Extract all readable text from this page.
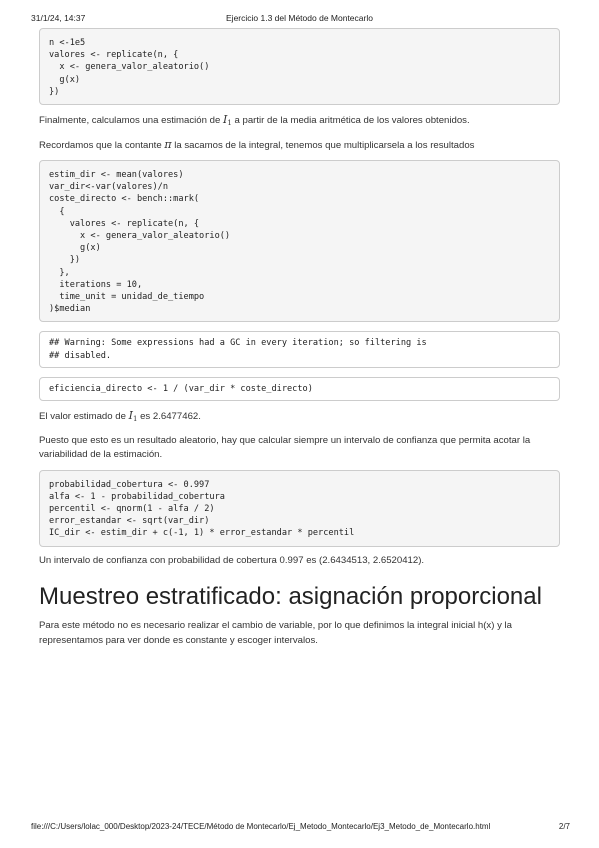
31/1/24, 14:37	Ejercicio 1.3 del Método de Montecarlo
n <-1e5
valores <- replicate(n, {
x <- genera_valor_aleatorio()
g(x)
})

Finalmente, calculamos una estimación de $I_1$ a partir de la media aritmética de los valores obtenidos.

Recordamos que la contante π la sacamos de la integral, tenemos que multiplicarsela a los resultados

estim_dir <- mean(valores)
var_dir<-var(valores)/n
coste_directo <- bench::mark(
{
valores <- replicate(n, {
x <- genera_valor_aleatorio()
g(x)
})
},
iterations = 10,
time_unit = unidad_de_tiempo
)$median
## Warning: Some expressions had a GC in every iteration; so filtering is
## disabled.
eficiencia_directo <- 1 / (var_dir * coste_directo)

El valor estimado de $I_1$ es 2.6477462.

Puesto que esto es un resultado aleatorio, hay que calcular siempre un intervalo de confianza que permita acotar la variabilidad de la estimación.

probabilidad_cobertura <- 0.997
alfa <- 1 - probabilidad_cobertura
percentil <- qnorm(1 - alfa / 2)
error_estandar <- sqrt(var_dir)
IC_dir <- estim_dir + c(-1, 1) * error_estandar * percentil

Un intervalo de confianza con probabilidad de cobertura 0.997 es (2.6434513, 2.6520412).

Muestreo estratificado: asignación proporcional

Para este método no es necesario realizar el cambio de variable, por lo que definimos la integral inicial h(x) y la representamos para ver donde es constante y escoger intervalos.

file:///C:/Users/lolac_000/Desktop/2023-24/TECE/Método de Montecarlo/Ej_Metodo_Montecarlo/Ej3_Metodo_de_Montecarlo.html	2/7
